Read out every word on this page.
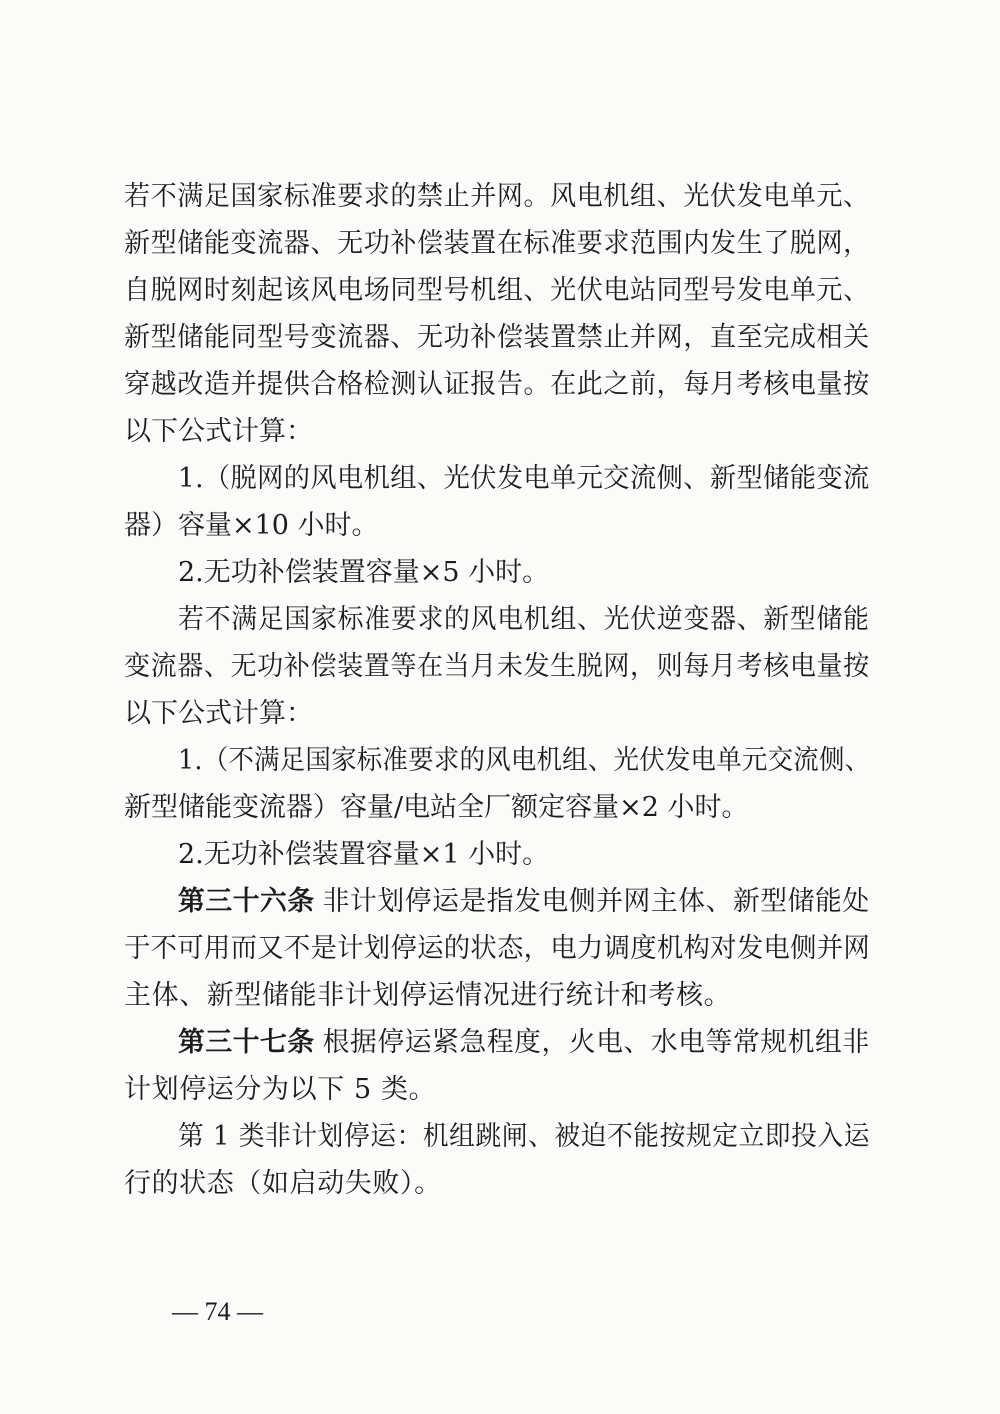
若不满足国家标准要求的禁止并网。风电机组、光伏发电单元、
新型储能变流器、无功补偿装置在标准要求范围内发生了脱网，
自脱网时刻起该风电场同型号机组、光伏电站同型号发电单元、
新型储能同型号变流器、无功补偿装置禁止并网，直至完成相关
穿越改造并提供合格检测认证报告。在此之前，每月考核电量按
以下公式计算：
1.（脱网的风电机组、光伏发电单元交流侧、新型储能变流
器）容量×10 小时。
2.无功补偿装置容量×5 小时。
若不满足国家标准要求的风电机组、光伏逆变器、新型储能
变流器、无功补偿装置等在当月未发生脱网，则每月考核电量按
以下公式计算：
1.（不满足国家标准要求的风电机组、光伏发电单元交流侧、
新型储能变流器）容量/电站全厂额定容量×2 小时。
2.无功补偿装置容量×1 小时。
第三十六条 非计划停运是指发电侧并网主体、新型储能处
于不可用而又不是计划停运的状态，电力调度机构对发电侧并网
主体、新型储能非计划停运情况进行统计和考核。
第三十七条 根据停运紧急程度，火电、水电等常规机组非
计划停运分为以下 5 类。
第 1 类非计划停运：机组跳闸、被迫不能按规定立即投入运
行的状态（如启动失败）。
— 74 —
